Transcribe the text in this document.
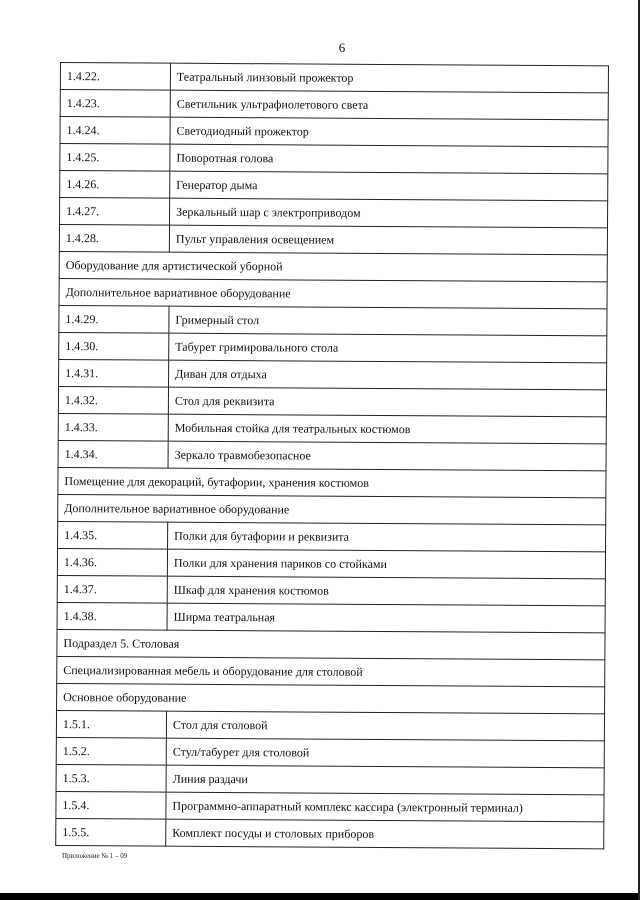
6
1.4.22.	Театральный линзовый прожектор
1.4.23.	Светильник ультрафиолетового света
1.4.24.	Светодиодный прожектор
1.4.25.	Поворотная голова
1.4.26.	Генератор дыма
1.4.27.	Зеркальный шар с электроприводом
1.4.28.	Пульт управления освещением
Оборудование для артистической уборной	
Дополнительное вариативное оборудование	
1.4.29.	Гримерный стол
1.4.30.	Табурет гримировального стола
1.4.31.	Диван для отдыха
1.4.32.	Стол для реквизита
1.4.33.	Мобильная стойка для театральных костюмов
1.4.34.	Зеркало травмобезопасное
Помещение для декораций, бутафории, хранения костюмов	
Дополнительное вариативное оборудование	
1.4.35.	Полки для бутафории и реквизита
1.4.36.	Полки для хранения париков со стойками
1.4.37.	Шкаф для хранения костюмов
1.4.38.	Ширма театральная
Подраздел 5. Столовая	
Специализированная мебель и оборудование для столовой	
Основное оборудование	
1.5.1.	Стол для столовой
1.5.2.	Стул/табурет для столовой
1.5.3.	Линия раздачи
1.5.4.	Программно-аппаратный комплекс кассира (электронный терминал)
1.5.5.	Комплект посуды и столовых приборов
Приложение № 1 – 09
